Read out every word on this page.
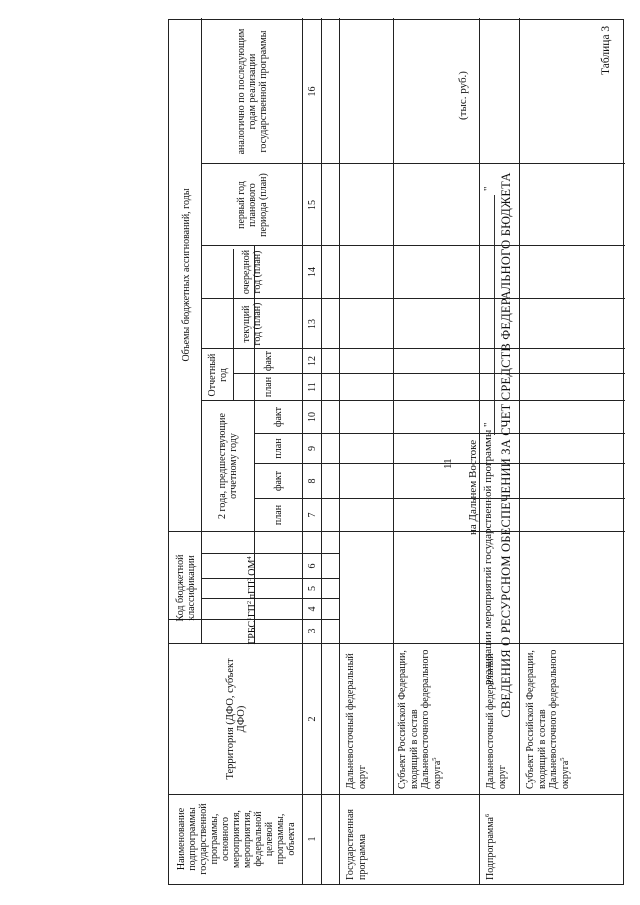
11
Таблица 3
СВЕДЕНИЯ О РЕСУРСНОМ ОБЕСПЕЧЕНИИ ЗА СЧЕТ СРЕДСТВ ФЕДЕРАЛЬНОГО БЮДЖЕТА
реализации мероприятий государственной программы "
"
на Дальнем Востоке
(тыс. руб.)
Наименование подпрограммы государственной программы, основного мероприятия, мероприятия, федеральной целевой программы, объекта
Территория (ДФО, субъект ДФО)
Код бюджетной классификации
ГРБС$^1$
$ГП^2$
пГП$^3$
$ОМ^4$
Объемы бюджетных ассигнований, годы
2 года, предшествующие отчетному году
Отчетный год
текущий год (план)
очередной год (план)
первый год планового периода (план)
аналогично по последующим годам реализации государственной программы
план
факт
план
факт
план
факт
1
2
3
4
5
6
7
8
9
10
11
12
13
14
15
16
Государственная программа
Дальневосточный федеральный округ	Субъект Российской Федерации, входящий в состав Дальневосточного федерального округа$^5$
Подпрограмма$^6$
Дальневосточный федеральный округ Субъект Российской Федерации, входящий в состав Дальневосточного федерального округа$^5$
